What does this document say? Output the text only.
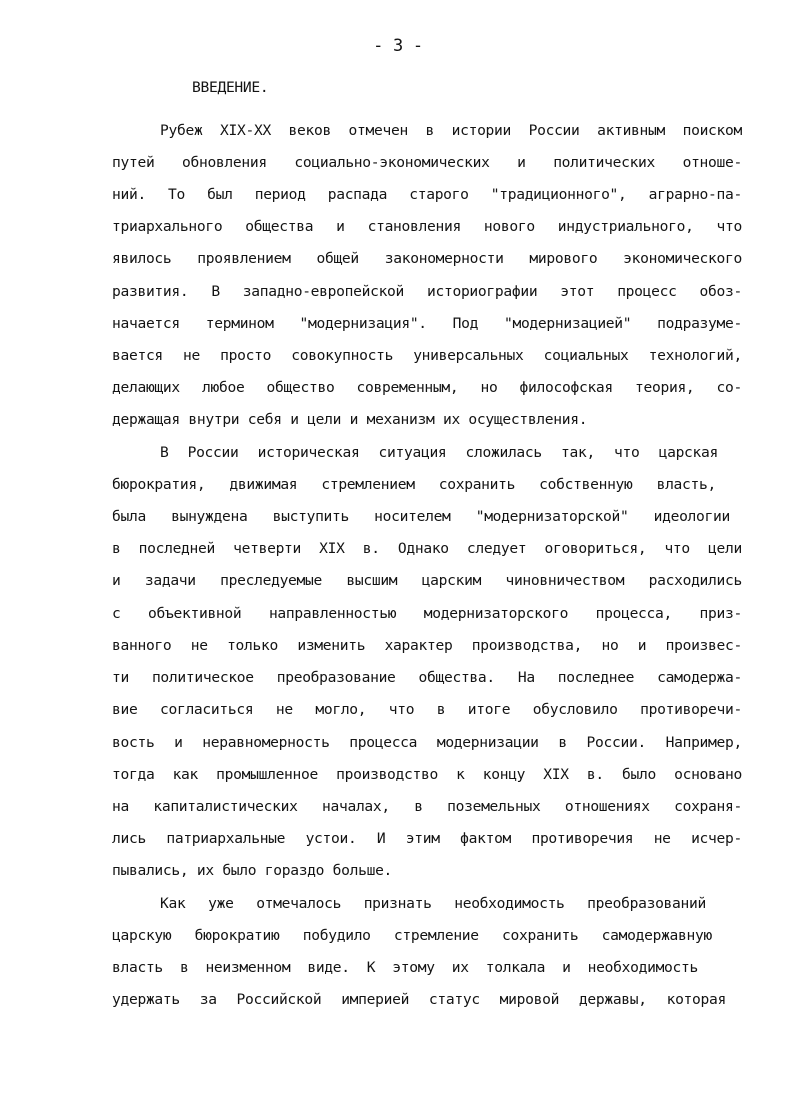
- 3 -
ВВЕДЕНИЕ.
Рубеж XIX-XX веков отмечен в истории России активным поиском
путей обновления социально-экономических и политических отноше-
ний. То был период распада старого "традиционного", аграрно-па-
триархального общества и становления нового индустриального, что
явилось проявлением общей закономерности мирового экономического
развития. В западно-европейской историографии этот процесс обоз-
начается термином "модернизация". Под "модернизацией" подразуме-
вается не просто совокупность универсальных социальных технологий,
делающих любое общество современным, но философская теория, со-
держащая внутри себя и цели и механизм их осуществления.
В России историческая ситуация сложилась так, что царская
бюрократия, движимая стремлением сохранить собственную власть,
была вынуждена выступить носителем "модернизаторской" идеологии
в последней четверти XIX в. Однако следует оговориться, что цели
и задачи преследуемые высшим царским чиновничеством расходились
с объективной направленностью модернизаторского процесса, приз-
ванного не только изменить характер производства, но и произвес-
ти политическое преобразование общества. На последнее самодержа-
вие согласиться не могло, что в итоге обусловило противоречи-
вость и неравномерность процесса модернизации в России. Например,
тогда как промышленное производство к концу XIX в. было основано
на капиталистических началах, в поземельных отношениях сохраня-
лись патриархальные устои. И этим фактом противоречия не исчер-
пывались, их было гораздо больше.
Как уже отмечалось признать необходимость преобразований
царскую бюрократию побудило стремление сохранить самодержавную
власть в неизменном виде. К этому их толкала и необходимость
удержать за Российской империей статус мировой державы, которая
